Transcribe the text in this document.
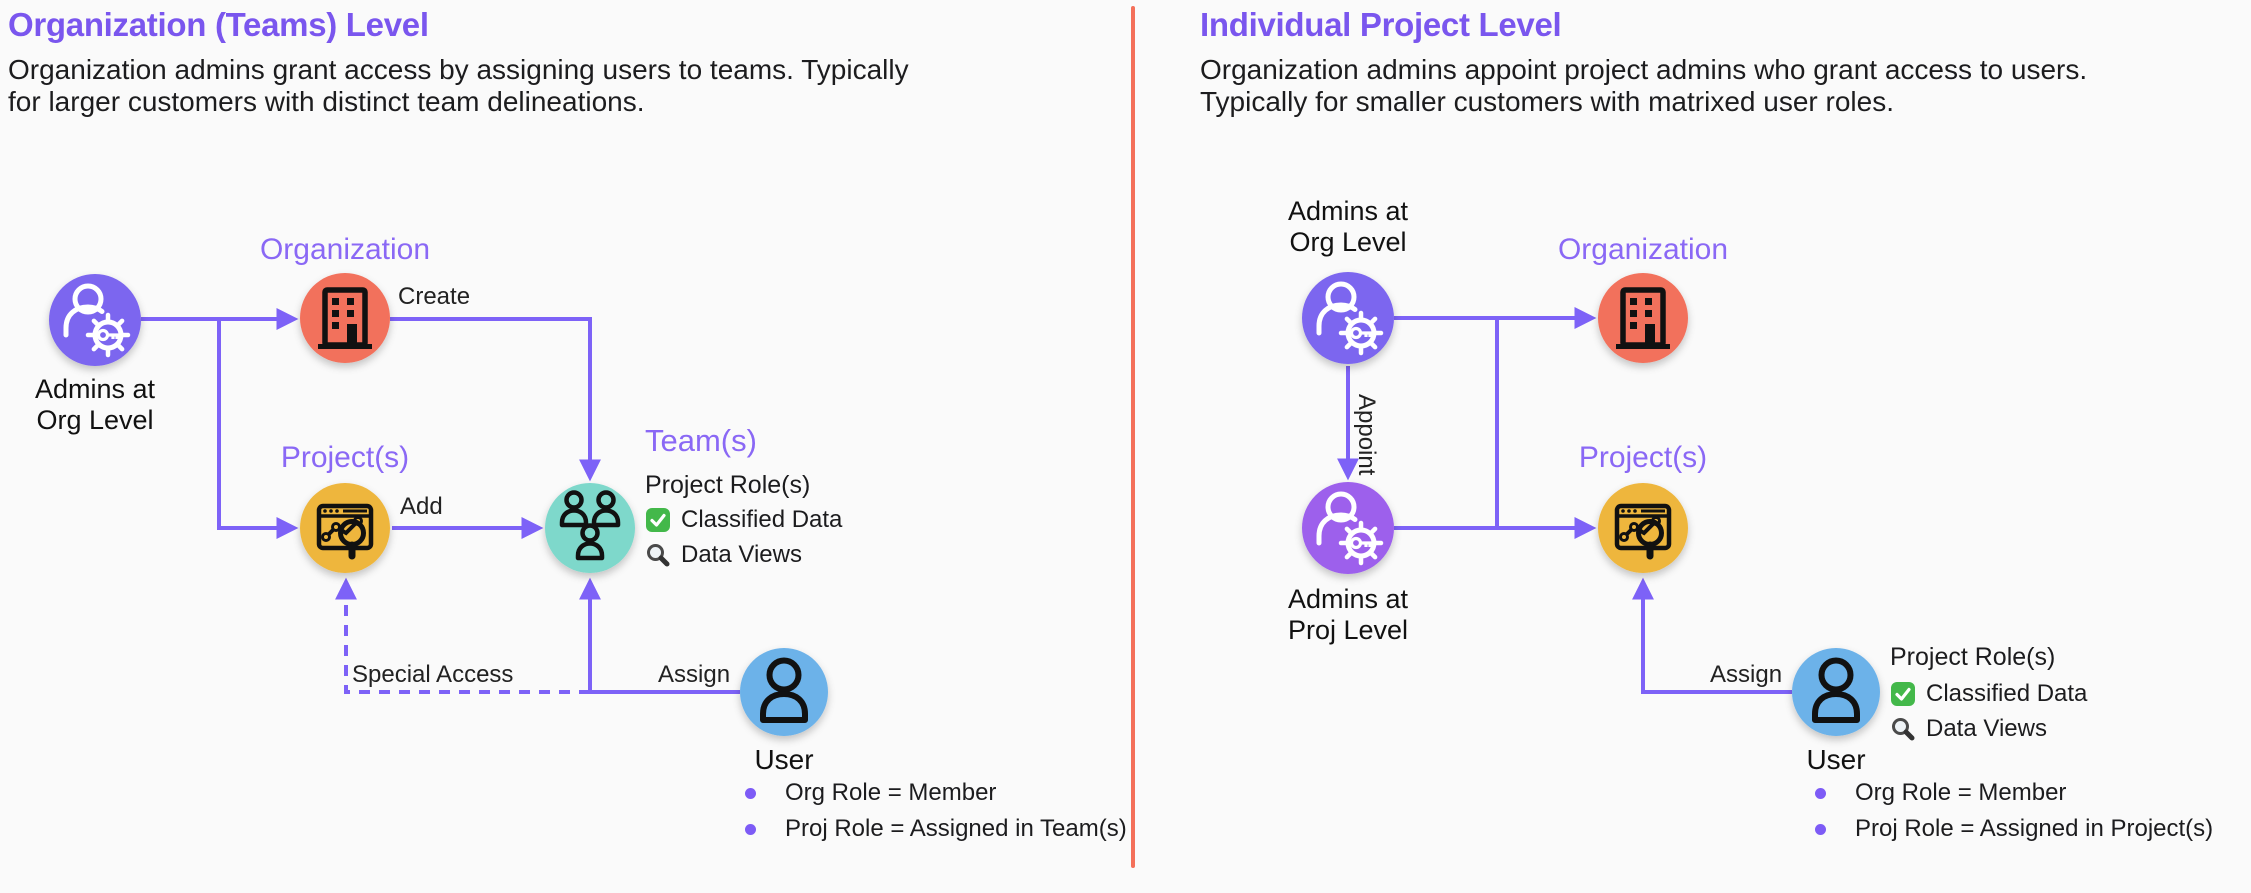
Organization (Teams) Level
Organization admins grant access by assigning users to teams. Typically
for larger customers with distinct team delineations.
Admins at
Org Level
Organization
Project(s)	Team(s)
Create
Add
Assign
Special Access
Project Role(s)
Classified Data
Data Views
User
Org Role = Member
Proj Role = Assigned in Team(s)
Individual Project Level
Organization admins appoint project admins who grant access to users.
Typically for smaller customers with matrixed user roles.
Admins at
Org Level	Organization
Project(s)
Admins at
Proj Level
Appoint
Assign
User
Project Role(s)
Classified Data
Data Views
Org Role = Member
Proj Role = Assigned in Project(s)
